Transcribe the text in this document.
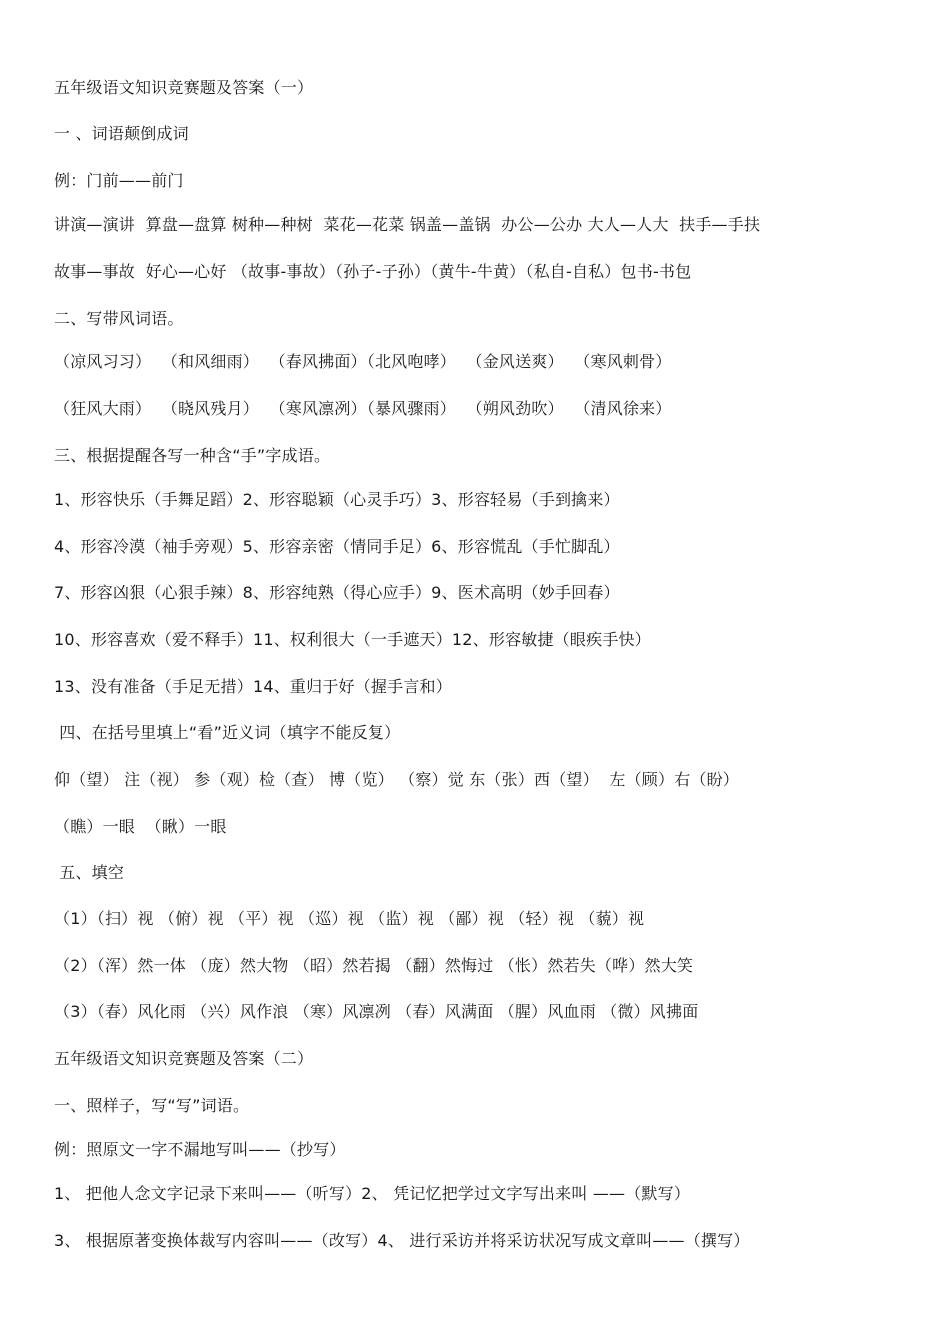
五年级语文知识竞赛题及答案（一）
一 、词语颠倒成词
例：门前——前门
讲演—演讲  算盘—盘算 树种—种树  菜花—花菜 锅盖—盖锅  办公—公办 大人—人大  扶手—手扶
故事—事故  好心—心好 （故事-事故）（孙子-子孙）（黄牛-牛黄）（私自-自私）包书-书包
二、写带风词语。
（凉风习习）  （和风细雨）  （春风拂面）（北风咆哮）  （金风送爽）  （寒风刺骨）
（狂风大雨）  （晓风残月）  （寒风凛冽）（暴风骤雨）  （朔风劲吹）  （清风徐来）
三、根据提醒各写一种含“手”字成语。
1、形容快乐（手舞足蹈）2、形容聪颖（心灵手巧）3、形容轻易（手到擒来）
4、形容冷漠（袖手旁观）5、形容亲密（情同手足）6、形容慌乱（手忙脚乱）
7、形容凶狠（心狠手辣）8、形容纯熟（得心应手）9、医术高明（妙手回春）
10、形容喜欢（爱不释手）11、权利很大（一手遮天）12、形容敏捷（眼疾手快）
13、没有准备（手足无措）14、重归于好（握手言和）
四、在括号里填上“看”近义词（填字不能反复）
仰（望） 注（视） 参（观）检（查） 博（览） （察）觉 东（张）西（望）  左（顾）右（盼）
（瞧）一眼  （瞅）一眼
五、填空
（1）（扫）视 （俯）视 （平）视 （巡）视 （监）视 （鄙）视 （轻）视 （藐）视
（2）（浑）然一体 （庞）然大物 （昭）然若揭 （翻）然悔过 （怅）然若失（哗）然大笑
（3）（春）风化雨 （兴）风作浪 （寒）风凛冽 （春）风满面 （腥）风血雨 （微）风拂面
五年级语文知识竞赛题及答案（二）
一、照样子，写“写”词语。
例：照原文一字不漏地写叫——（抄写）
1、 把他人念文字记录下来叫——（听写）2、 凭记忆把学过文字写出来叫 ——（默写）
3、 根据原著变换体裁写内容叫——（改写）4、 进行采访并将采访状况写成文章叫——（撰写）
